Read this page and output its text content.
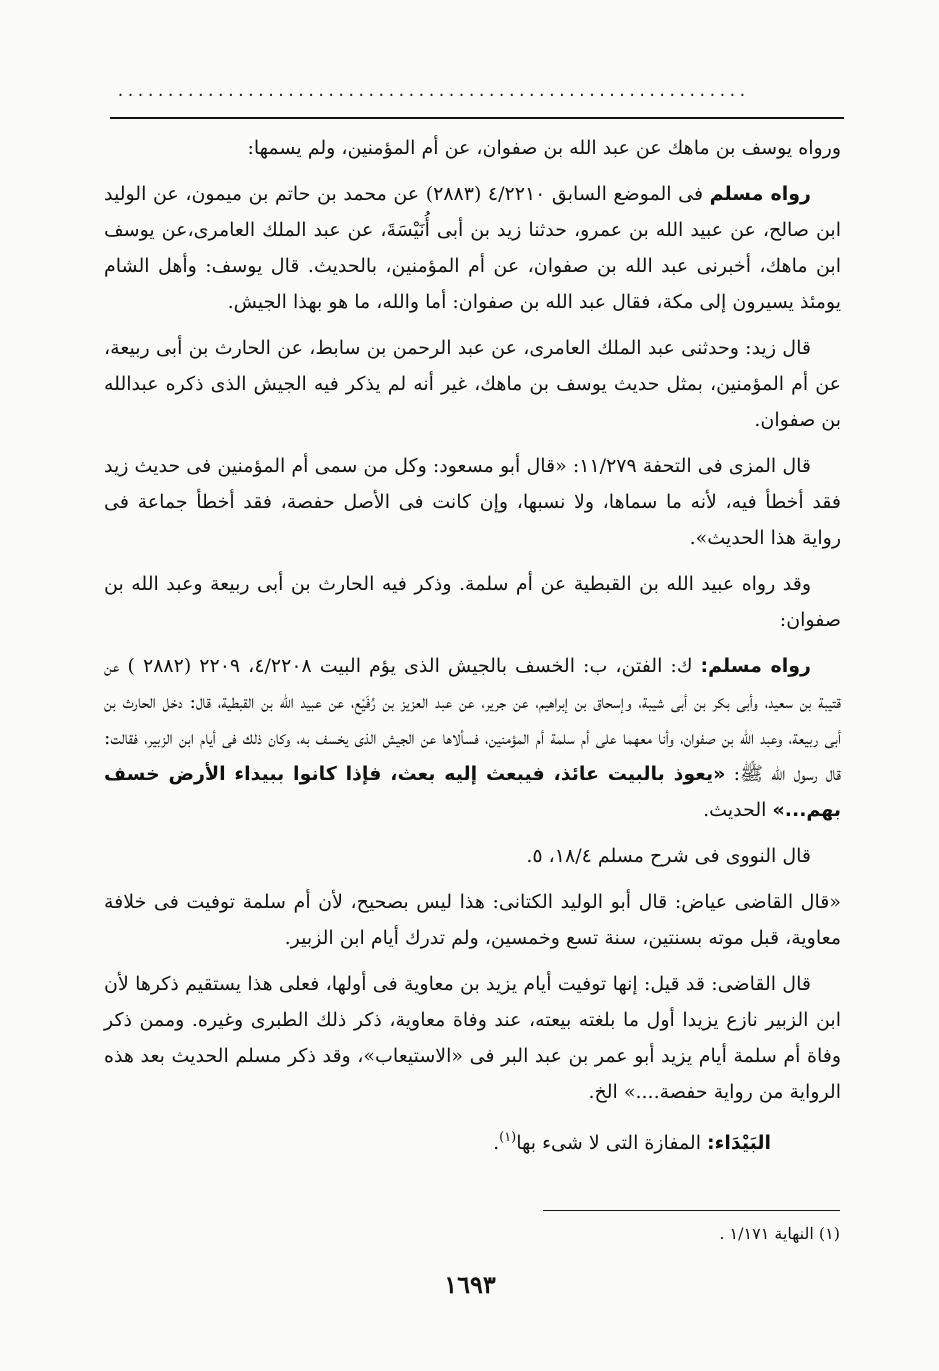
...............................................................

ورواه يوسف بن ماهك عن عبد الله بن صفوان، عن أم المؤمنين، ولم يسمها:

رواه مسلم فى الموضع السابق ٤/٢٢١٠ (٢٨٨٣) عن محمد بن حاتم بن ميمون، عن الوليد ابن صالح، عن عبيد الله بن عمرو، حدثنا زيد بن أبى أُنَيْسَةَ، عن عبد الملك العامرى،عن يوسف ابن ماهك، أخبرنى عبد الله بن صفوان، عن أم المؤمنين، بالحديث. قال يوسف: وأهل الشام يومئذ يسيرون إلى مكة، فقال عبد الله بن صفوان: أما والله، ما هو بهذا الجيش.

قال زيد: وحدثنى عبد الملك العامرى، عن عبد الرحمن بن سابط، عن الحارث بن أبى ربيعة، عن أم المؤمنين، بمثل حديث يوسف بن ماهك، غير أنه لم يذكر فيه الجيش الذى ذكره عبدالله بن صفوان.

قال المزى فى التحفة ١١/٢٧٩: «قال أبو مسعود: وكل من سمى أم المؤمنين فى حديث زيد فقد أخطأ فيه، لأنه ما سماها، ولا نسبها، وإن كانت فى الأصل حفصة، فقد أخطأ جماعة فى رواية هذا الحديث».

وقد رواه عبيد الله بن القبطية عن أم سلمة. وذكر فيه الحارث بن أبى ربيعة وعبد الله بن صفوان:

رواه مسلم: ك: الفتن، ب: الخسف بالجيش الذى يؤم البيت ٤/٢٢٠٨، ٢٢٠٩ (٢٨٨٢ ) عن قتيبة بن سعيد، وأبى بكر بن أبى شيبة، وإسحاق بن إبراهيم، عن جرير، عن عبد العزيز بن رُفَيْع، عن عبيد الله بن القبطية، قال: دخل الحارث بن أبى ربيعة، وعبد الله بن صفوان، وأنا معهما على أم سلمة أم المؤمنين، فسألاها عن الجيش الذى يخسف به، وكان ذلك فى أيام ابن الزبير، فقالت: قال رسول الله ﷺ: «يعوذ بالبيت عائذ، فيبعث إليه بعث، فإذا كانوا ببيداء الأرض خسف بهم...» الحديث.

قال النووى فى شرح مسلم ١٨/٤، ٥.

«قال القاضى عياض: قال أبو الوليد الكتانى: هذا ليس بصحيح، لأن أم سلمة توفيت فى خلافة معاوية، قبل موته بسنتين، سنة تسع وخمسين، ولم تدرك أيام ابن الزبير.

قال القاضى: قد قيل: إنها توفيت أيام يزيد بن معاوية فى أولها، فعلى هذا يستقيم ذكرها لأن ابن الزبير نازع يزيدا أول ما بلغته بيعته، عند وفاة معاوية، ذكر ذلك الطبرى وغيره. وممن ذكر وفاة أم سلمة أيام يزيد أبو عمر بن عبد البر فى «الاستيعاب»، وقد ذكر مسلم الحديث بعد هذه الرواية من رواية حفصة....» الخ.

البَيْدَاء: المفازة التى لا شىء بها$^{(١)}$.

(١) النهاية ١/١٧١ .
١٦٩٣
